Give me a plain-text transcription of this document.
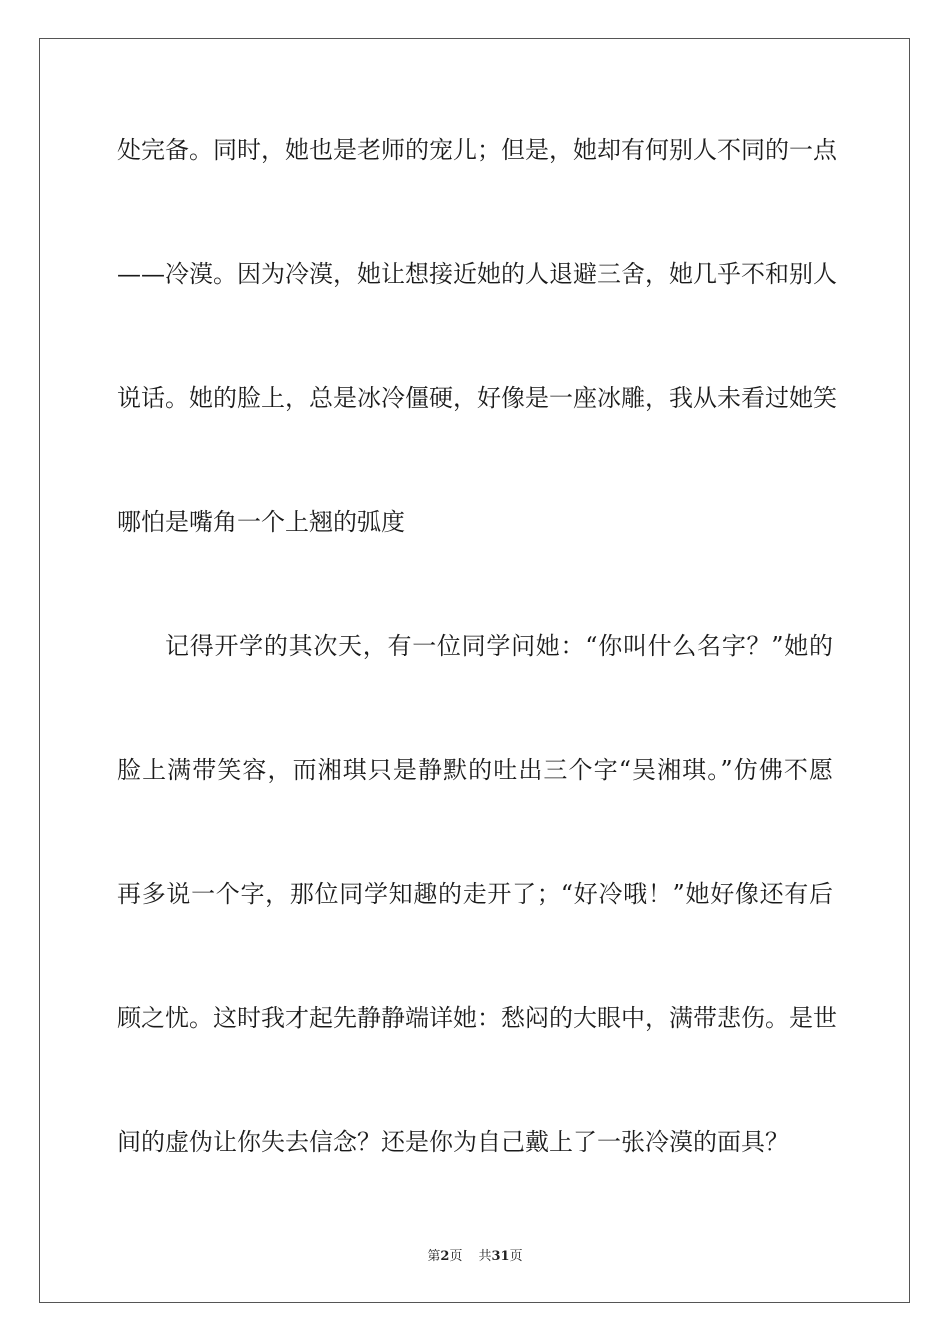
处完备。同时，她也是老师的宠儿；但是，她却有何别人不同的一点
——冷漠。因为冷漠，她让想接近她的人退避三舍，她几乎不和别人
说话。她的脸上，总是冰冷僵硬，好像是一座冰雕，我从未看过她笑
哪怕是嘴角一个上翘的弧度
记得开学的其次天，有一位同学问她：“你叫什么名字？”她的
脸上满带笑容，而湘琪只是静默的吐出三个字“吴湘琪。”仿佛不愿
再多说一个字，那位同学知趣的走开了；“好冷哦！”她好像还有后
顾之忧。这时我才起先静静端详她：愁闷的大眼中，满带悲伤。是世
间的虚伪让你失去信念？还是你为自己戴上了一张冷漠的面具？
第2页 共31页
